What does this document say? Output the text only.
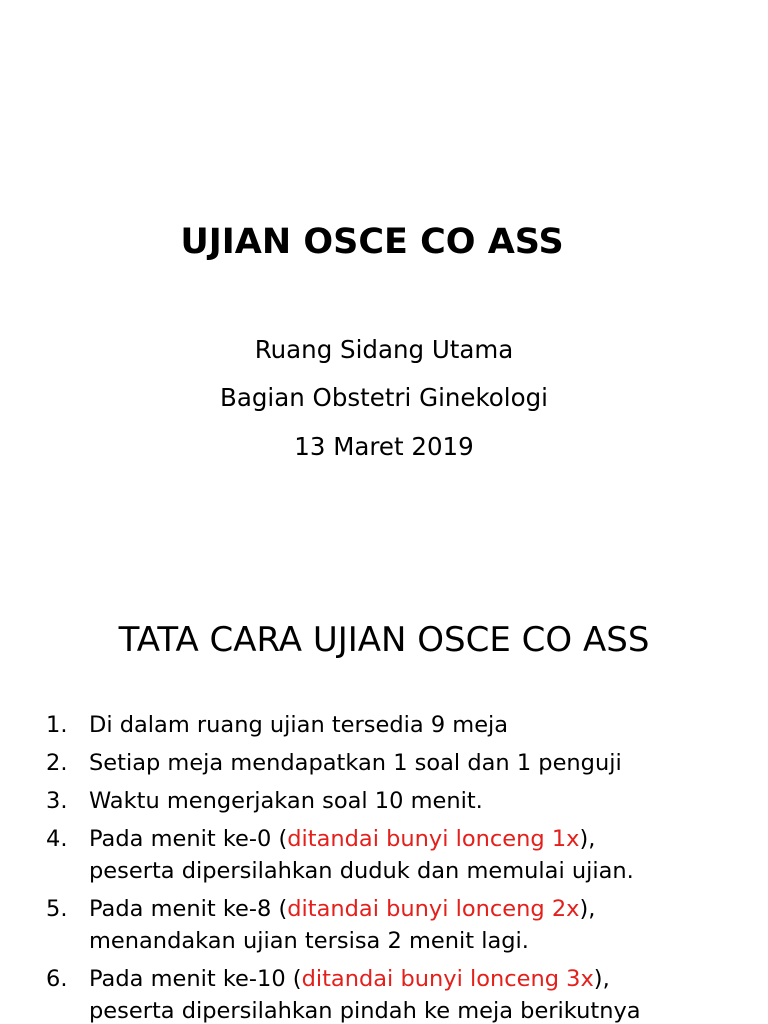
UJIAN OSCE CO ASS
Ruang Sidang Utama
Bagian Obstetri Ginekologi
13 Maret 2019
TATA CARA UJIAN OSCE CO ASS
1. Di dalam ruang ujian tersedia 9 meja
2. Setiap meja mendapatkan 1 soal dan 1 penguji
3. Waktu mengerjakan soal 10 menit.
4. Pada menit ke-0 (ditandai bunyi lonceng 1x),
peserta dipersilahkan duduk dan memulai ujian.
5. Pada menit ke-8 (ditandai bunyi lonceng 2x),
menandakan ujian tersisa 2 menit lagi.
6. Pada menit ke-10 (ditandai bunyi lonceng 3x),
peserta dipersilahkan pindah ke meja berikutnya
